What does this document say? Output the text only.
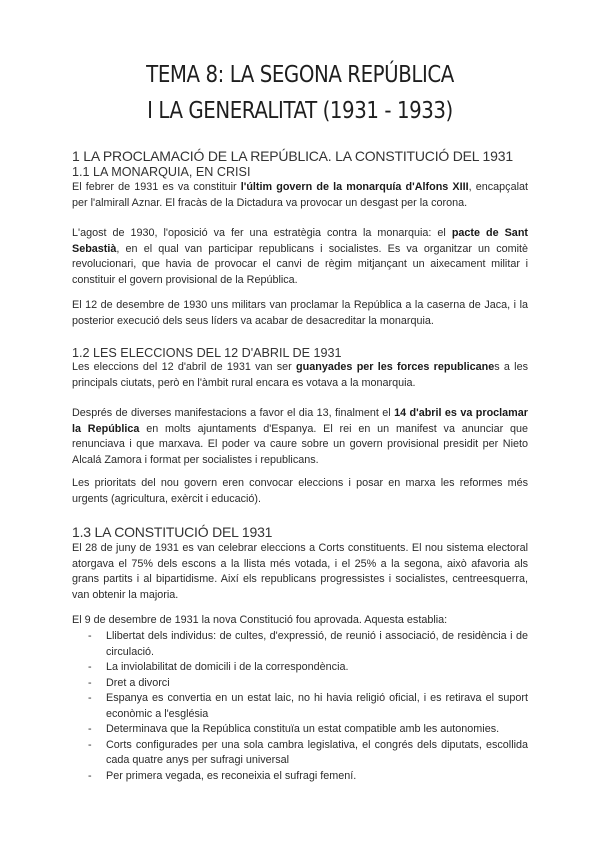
TEMA 8: LA SEGONA REPÚBLICA
I LA GENERALITAT (1931 - 1933)
1 LA PROCLAMACIÓ DE LA REPÚBLICA. LA CONSTITUCIÓ DEL 1931
1.1 LA MONARQUIA, EN CRISI
El febrer de 1931 es va constituir l'últim govern de la monarquía d'Alfons XIII, encapçalat per l'almirall Aznar. El fracàs de la Dictadura va provocar un desgast per la corona.
L'agost de 1930, l'oposició va fer una estratègia contra la monarquia: el pacte de Sant Sebastià, en el qual van participar republicans i socialistes. Es va organitzar un comitè revolucionari, que havia de provocar el canvi de règim mitjançant un aixecament militar i constituir el govern provisional de la República.
El 12 de desembre de 1930 uns militars van proclamar la República a la caserna de Jaca, i la posterior execució dels seus líders va acabar de desacreditar la monarquia.
1.2 LES ELECCIONS DEL 12 D'ABRIL DE 1931
Les eleccions del 12 d'abril de 1931 van ser guanyades per les forces republicanes a les principals ciutats, però en l'àmbit rural encara es votava a la monarquia.
Després de diverses manifestacions a favor el dia 13, finalment el 14 d'abril es va proclamar la República en molts ajuntaments d'Espanya. El rei en un manifest va anunciar que renunciava i que marxava. El poder va caure sobre un govern provisional presidit per Nieto Alcalá Zamora i format per socialistes i republicans.
Les prioritats del nou govern eren convocar eleccions i posar en marxa les reformes més urgents (agricultura, exèrcit i educació).
1.3 LA CONSTITUCIÓ DEL 1931
El 28 de juny de 1931 es van celebrar eleccions a Corts constituents. El nou sistema electoral atorgava el 75% dels escons a la llista més votada, i el 25% a la segona, això afavoria als grans partits i al bipartidisme. Així els republicans progressistes i socialistes, centreesquerra, van obtenir la majoria.
El 9 de desembre de 1931 la nova Constitució fou aprovada. Aquesta establia:
- Llibertat dels individus: de cultes, d'expressió, de reunió i associació, de residència i de circulació.
- La inviolabilitat de domicili i de la correspondència.
- Dret a divorci
- Espanya es convertia en un estat laic, no hi havia religió oficial, i es retirava el suport econòmic a l'església
- Determinava que la República constituïa un estat compatible amb les autonomies.
- Corts configurades per una sola cambra legislativa, el congrés dels diputats, escollida cada quatre anys per sufragi universal
- Per primera vegada, es reconeixia el sufragi femení.
